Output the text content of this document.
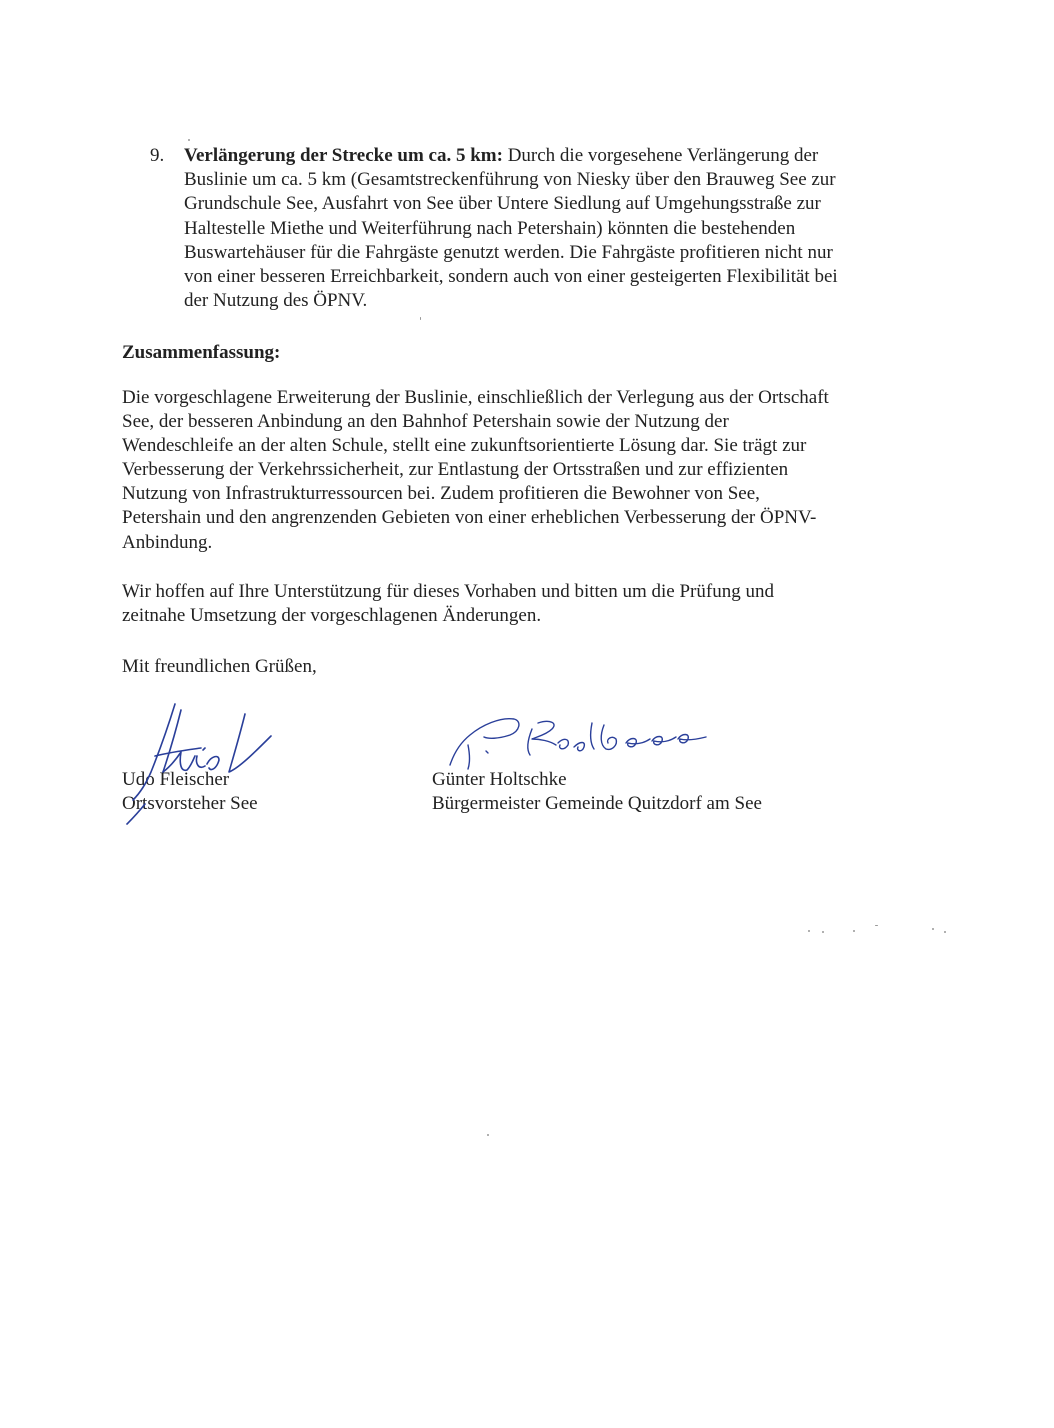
9. Verlängerung der Strecke um ca. 5 km: Durch die vorgesehene Verlängerung der
Buslinie um ca. 5 km (Gesamtstreckenführung von Niesky über den Brauweg See zur
Grundschule See, Ausfahrt von See über Untere Siedlung auf Umgehungsstraße zur
Haltestelle Miethe und Weiterführung nach Petershain) könnten die bestehenden
Buswartehäuser für die Fahrgäste genutzt werden. Die Fahrgäste profitieren nicht nur
von einer besseren Erreichbarkeit, sondern auch von einer gesteigerten Flexibilität bei
der Nutzung des ÖPNV.
Zusammenfassung:
Die vorgeschlagene Erweiterung der Buslinie, einschließlich der Verlegung aus der Ortschaft
See, der besseren Anbindung an den Bahnhof Petershain sowie der Nutzung der
Wendeschleife an der alten Schule, stellt eine zukunftsorientierte Lösung dar. Sie trägt zur
Verbesserung der Verkehrssicherheit, zur Entlastung der Ortsstraßen und zur effizienten
Nutzung von Infrastrukturressourcen bei. Zudem profitieren die Bewohner von See,
Petershain und den angrenzenden Gebieten von einer erheblichen Verbesserung der ÖPNV-
Anbindung.
Wir hoffen auf Ihre Unterstützung für dieses Vorhaben und bitten um die Prüfung und
zeitnahe Umsetzung der vorgeschlagenen Änderungen.
Mit freundlichen Grüßen,
Udo Fleischer
Ortsvorsteher See
Günter Holtschke
Bürgermeister Gemeinde Quitzdorf am See
